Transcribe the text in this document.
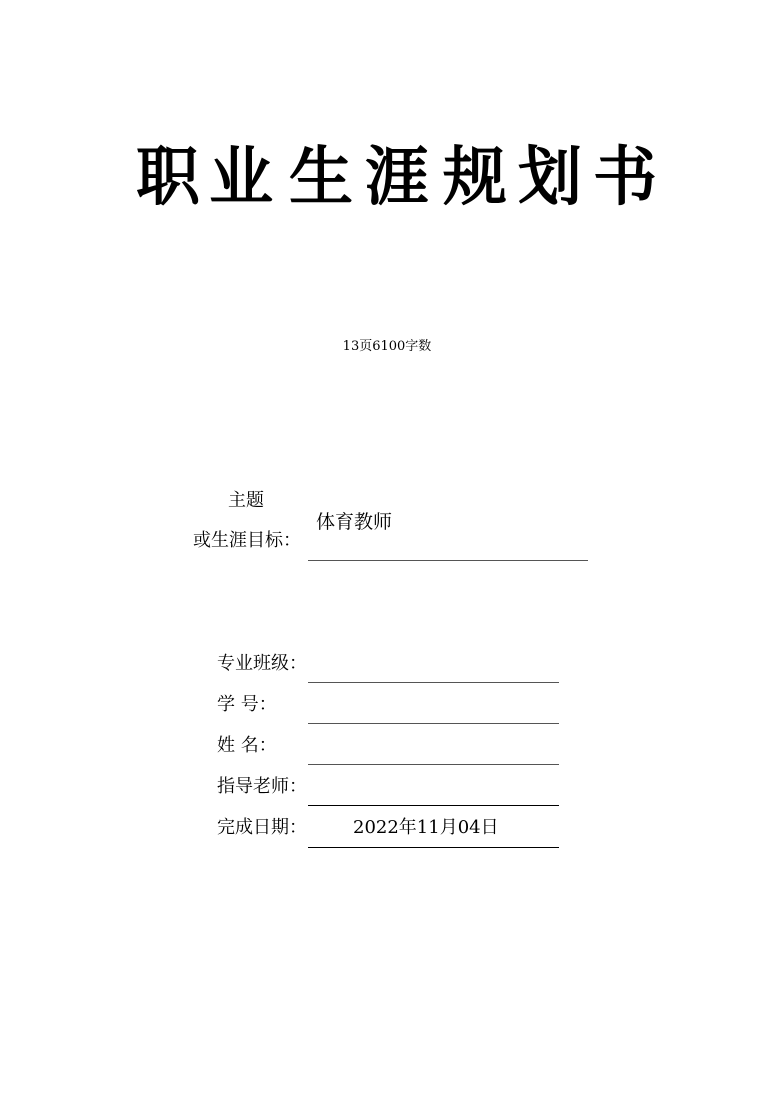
职 业 生 涯 规 划 书
13页6100字数
主题
或生涯目标：
体育教师
专业班级：
学 号：
姓 名：
指导老师：
完成日期：	2022年11月04日
